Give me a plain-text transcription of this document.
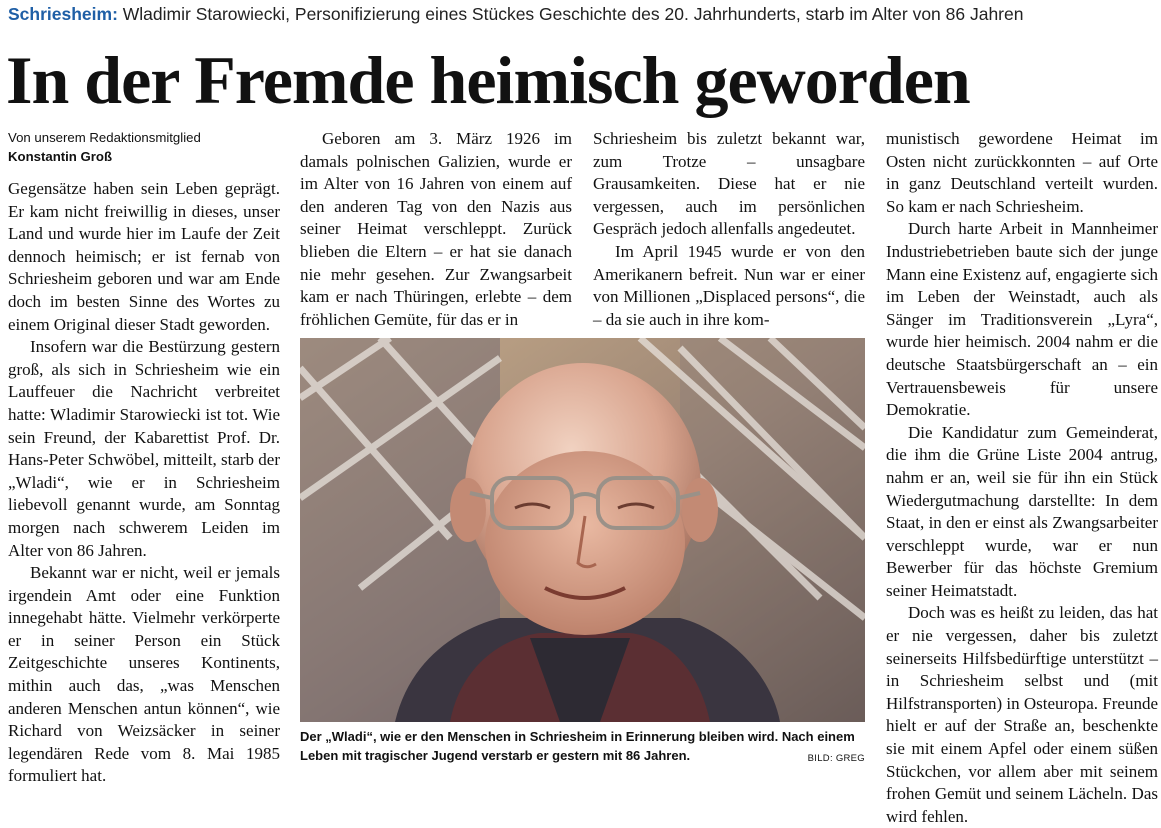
Schriesheim: Wladimir Starowiecki, Personifizierung eines Stückes Geschichte des 20. Jahrhunderts, starb im Alter von 86 Jahren
In der Fremde heimisch geworden
Von unserem Redaktionsmitglied
Konstantin Groß

Gegensätze haben sein Leben geprägt. Er kam nicht freiwillig in dieses, unser Land und wurde hier im Laufe der Zeit dennoch heimisch; er ist fernab von Schriesheim geboren und war am Ende doch im besten Sinne des Wortes zu einem Original dieser Stadt geworden.

Insofern war die Bestürzung gestern groß, als sich in Schriesheim wie ein Lauffeuer die Nachricht verbreitet hatte: Wladimir Starowiecki ist tot. Wie sein Freund, der Kabarettist Prof. Dr. Hans-Peter Schwöbel, mitteilt, starb der „Wladi“, wie er in Schriesheim liebevoll genannt wurde, am Sonntag morgen nach schwerem Leiden im Alter von 86 Jahren.

Bekannt war er nicht, weil er jemals irgendein Amt oder eine Funktion innegehabt hätte. Vielmehr verkörperte er in seiner Person ein Stück Zeitgeschichte unseres Kontinents, mithin auch das, „was Menschen anderen Menschen antun können“, wie Richard von Weizsäcker in seiner legendären Rede vom 8. Mai 1985 formuliert hat.

Geboren am 3. März 1926 im damals polnischen Galizien, wurde er im Alter von 16 Jahren von einem auf den anderen Tag von den Nazis aus seiner Heimat verschleppt. Zurück blieben die Eltern – er hat sie danach nie mehr gesehen. Zur Zwangsarbeit kam er nach Thüringen, erlebte – dem fröhlichen Gemüte, für das er in

Schriesheim bis zuletzt bekannt war, zum Trotze – unsagbare Grausamkeiten. Diese hat er nie vergessen, auch im persönlichen Gespräch jedoch allenfalls angedeutet.

Im April 1945 wurde er von den Amerikanern befreit. Nun war er einer von Millionen „Displaced persons“, die – da sie auch in ihre kom-

munistisch gewordene Heimat im Osten nicht zurückkonnten – auf Orte in ganz Deutschland verteilt wurden. So kam er nach Schriesheim.

Durch harte Arbeit in Mannheimer Industriebetrieben baute sich der junge Mann eine Existenz auf, engagierte sich im Leben der Weinstadt, auch als Sänger im Traditionsverein „Lyra“, wurde hier heimisch. 2004 nahm er die deutsche Staatsbürgerschaft an – ein Vertrauensbeweis für unsere Demokratie.

Die Kandidatur zum Gemeinderat, die ihm die Grüne Liste 2004 antrug, nahm er an, weil sie für ihn ein Stück Wiedergutmachung darstellte: In dem Staat, in den er einst als Zwangsarbeiter verschleppt wurde, war er nun Bewerber für das höchste Gremium seiner Heimatstadt.

Doch was es heißt zu leiden, das hat er nie vergessen, daher bis zuletzt seinerseits Hilfsbedürftige unterstützt – in Schriesheim selbst und (mit Hilfstransporten) in Osteuropa. Freunde hielt er auf der Straße an, beschenkte sie mit einem Apfel oder einem süßen Stückchen, vor allem aber mit seinem frohen Gemüt und seinem Lächeln. Das wird fehlen.

Der „Wladi“, wie er den Menschen in Schriesheim in Erinnerung bleiben wird. Nach einem Leben mit tragischer Jugend verstarb er gestern mit 86 Jahren.	BILD: GREG
